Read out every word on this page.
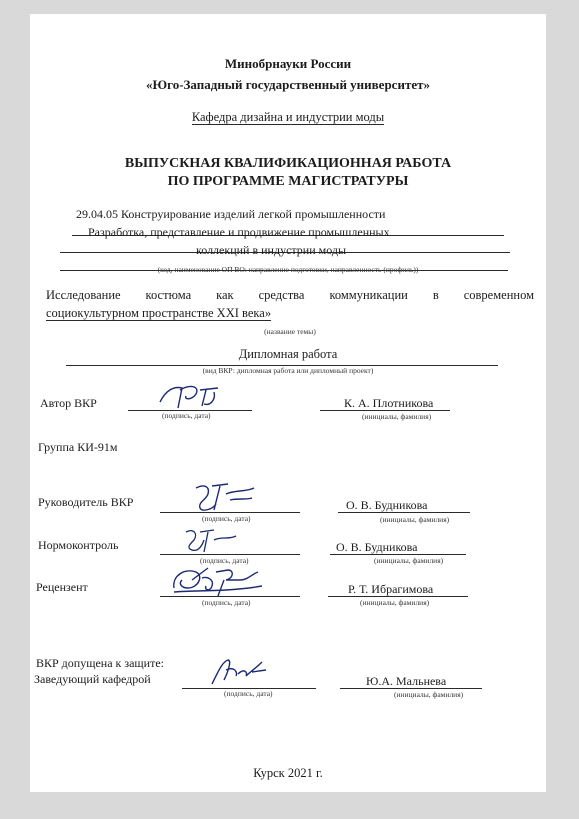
Минобрнауки России
«Юго-Западный государственный университет»
Кафедра дизайна и индустрии моды
ВЫПУСКНАЯ КВАЛИФИКАЦИОННАЯ РАБОТА
ПО ПРОГРАММЕ МАГИСТРАТУРЫ
29.04.05 Конструирование изделий легкой промышленности
Разработка, представление и продвижение промышленных
коллекций в индустрии моды
(код, наименование ОП ВО: направление подготовки, направленность (профиль))
Исследование костюма как средства коммуникации в современном
социокультурном пространстве XXI века»
(название темы)
Дипломная работа
(вид ВКР: дипломная работа или дипломный проект)
Автор ВКР
(подпись, дата)
К. А. Плотникова
(инициалы, фамилия)
Группа КИ-91м
Руководитель ВКР
(подпись, дата)
О. В. Будникова
(инициалы, фамилия)
Нормоконтроль
(подпись, дата)
О. В. Будникова
(инициалы, фамилия)
Рецензент
(подпись, дата)
Р. Т. Ибрагимова
(инициалы, фамилия)
ВКР допущена к защите:
Заведующий кафедрой
(подпись, дата)
Ю.А. Мальнева
(инициалы, фамилия)
Курск 2021 г.
